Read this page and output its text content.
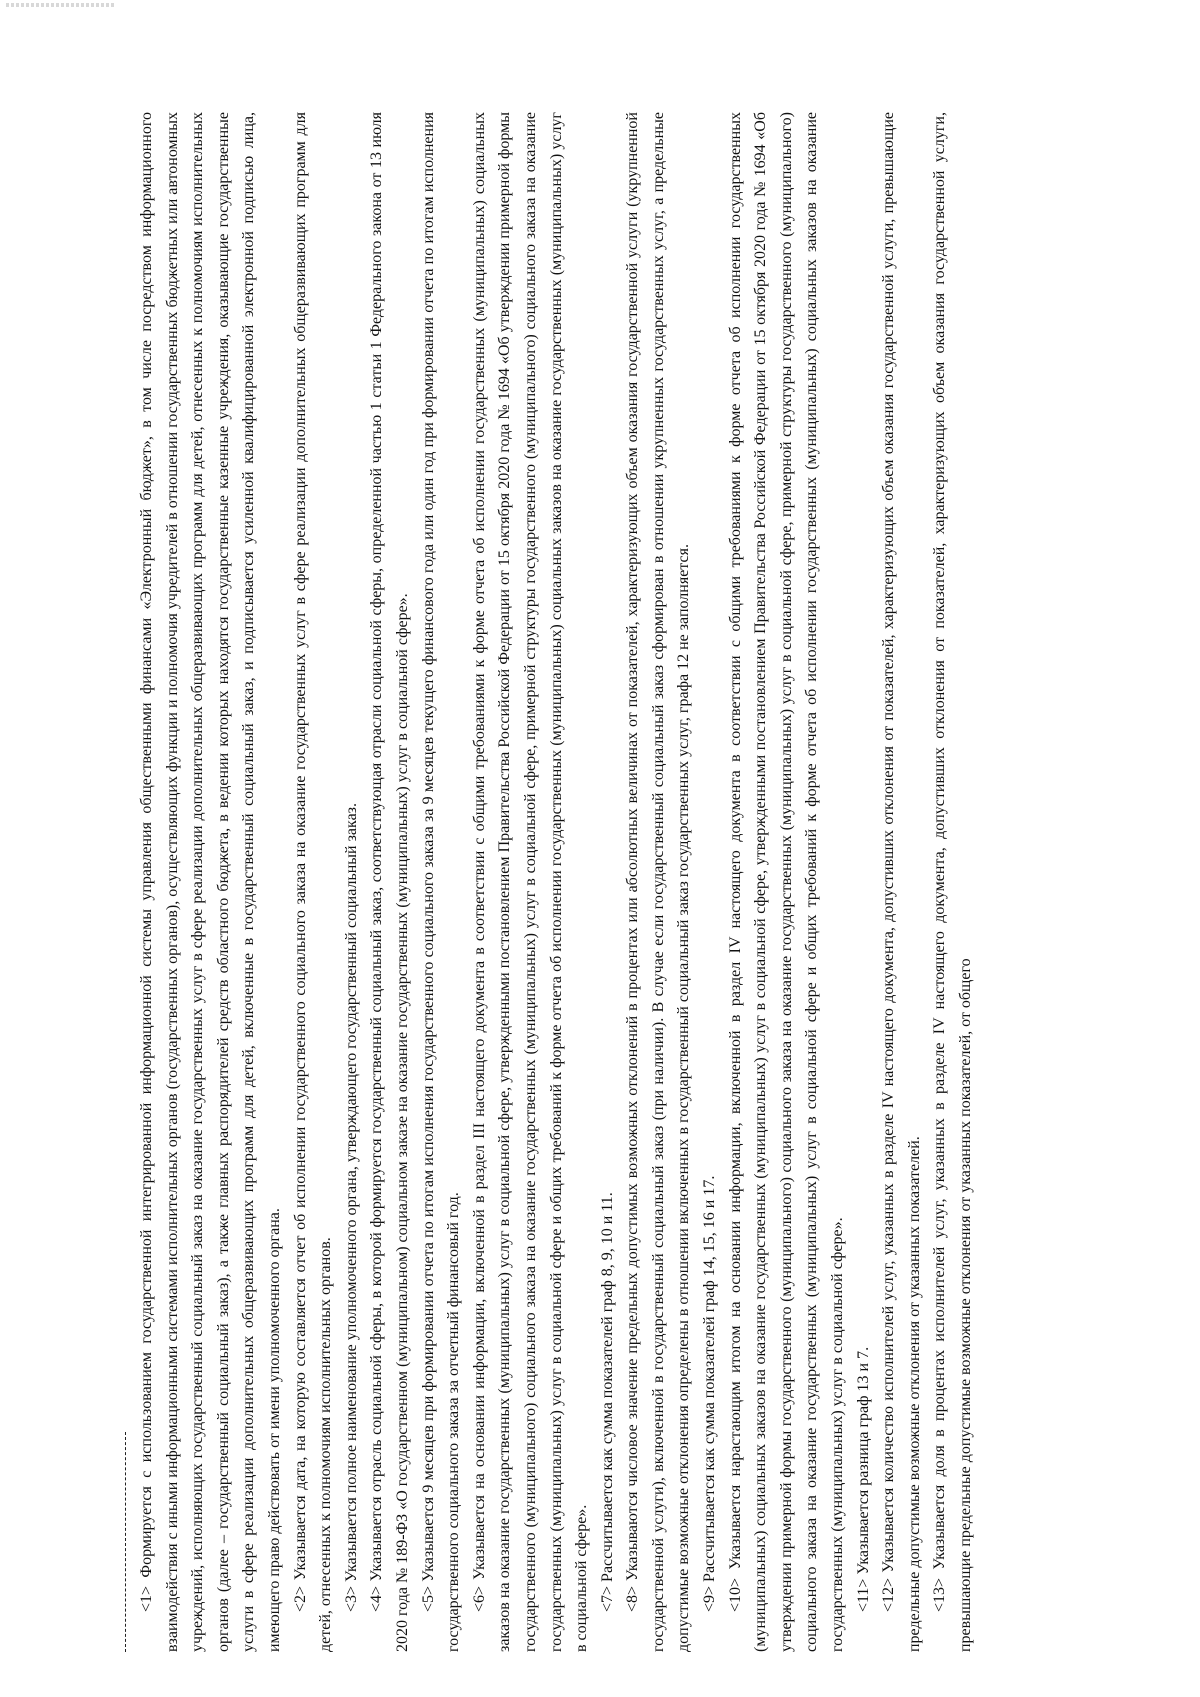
<1> Формируется с использованием государственной интегрированной информационной системы управления общественными финансами «Электронный бюджет», в том числе посредством информационного взаимодействия с иными информационными системами исполнительных органов (государственных органов), осуществляющих функции и полномочия учредителей в отношении государственных бюджетных или автономных учреждений, исполняющих государственный социальный заказ на оказание государственных услуг в сфере реализации дополнительных общеразвивающих программ для детей, отнесенных к полномочиям исполнительных органов (далее – государственный социальный заказ), а также главных распорядителей средств областного бюджета, в ведении которых находятся государственные казенные учреждения, оказывающие государственные услуги в сфере реализации дополнительных общеразвивающих программ для детей, включенные в государственный социальный заказ, и подписывается усиленной квалифицированной электронной подписью лица, имеющего право действовать от имени уполномоченного органа. <2> Указывается дата, на которую составляется отчет об исполнении государственного социального заказа на оказание государственных услуг в сфере реализации дополнительных общеразвивающих программ для детей, отнесенных к полномочиям исполнительных органов. <3> Указывается полное наименование уполномоченного органа, утверждающего государственный социальный заказ. <4> Указывается отрасль социальной сферы, в которой формируется государственный социальный заказ, соответствующая отрасли социальной сферы, определенной частью 1 статьи 1 Федерального закона от 13 июля 2020 года № 189-ФЗ «О государственном (муниципальном) социальном заказе на оказание государственных (муниципальных) услуг в социальной сфере». <5> Указывается 9 месяцев при формировании отчета по итогам исполнения государственного социального заказа за 9 месяцев текущего финансового года или один год при формировании отчета по итогам исполнения государственного социального заказа за отчетный финансовый год. <6> Указывается на основании информации, включенной в раздел III настоящего документа в соответствии с общими требованиями к форме отчета об исполнении государственных (муниципальных) социальных заказов на оказание государственных (муниципальных) услуг в социальной сфере, утвержденными постановлением Правительства Российской Федерации от 15 октября 2020 года № 1694 «Об утверждении примерной формы государственного (муниципального) социального заказа на оказание государственных (муниципальных) услуг в социальной сфере, примерной структуры государственного (муниципального) социального заказа на оказание государственных (муниципальных) услуг в социальной сфере и общих требований к форме отчета об исполнении государственных (муниципальных) социальных заказов на оказание государственных (муниципальных) услуг в социальной сфере». <7> Рассчитывается как сумма показателей граф 8, 9, 10 и 11. <8> Указываются числовое значение предельных допустимых возможных отклонений в процентах или абсолютных величинах от показателей, характеризующих объем оказания государственной услуги (укрупненной государственной услуги), включенной в государственный социальный заказ (при наличии). В случае если государственный социальный заказ сформирован в отношении укрупненных государственных услуг, а предельные допустимые возможные отклонения определены в отношении включенных в государственный социальный заказ государственных услуг, графа 12 не заполняется. <9> Рассчитывается как сумма показателей граф 14, 15, 16 и 17. <10> Указывается нарастающим итогом на основании информации, включенной в раздел IV настоящего документа в соответствии с общими требованиями к форме отчета об исполнении государственных (муниципальных) социальных заказов на оказание государственных (муниципальных) услуг в социальной сфере, утвержденными постановлением Правительства Российской Федерации от 15 октября 2020 года № 1694 «Об утверждении примерной формы государственного (муниципального) социального заказа на оказание государственных (муниципальных) услуг в социальной сфере, примерной структуры государственного (муниципального) социального заказа на оказание государственных (муниципальных) услуг в социальной сфере и общих требований к форме отчета об исполнении государственных (муниципальных) социальных заказов на оказание государственных (муниципальных) услуг в социальной сфере». <11> Указывается разница граф 13 и 7. <12> Указывается количество исполнителей услуг, указанных в разделе IV настоящего документа, допустивших отклонения от показателей, характеризующих объем оказания государственной услуги, превышающие предельные допустимые возможные отклонения от указанных показателей. <13> Указывается доля в процентах исполнителей услуг, указанных в разделе IV настоящего документа, допустивших отклонения от показателей, характеризующих объем оказания государственной услуги, превышающие предельные допустимые возможные отклонения от указанных показателей, от общего
